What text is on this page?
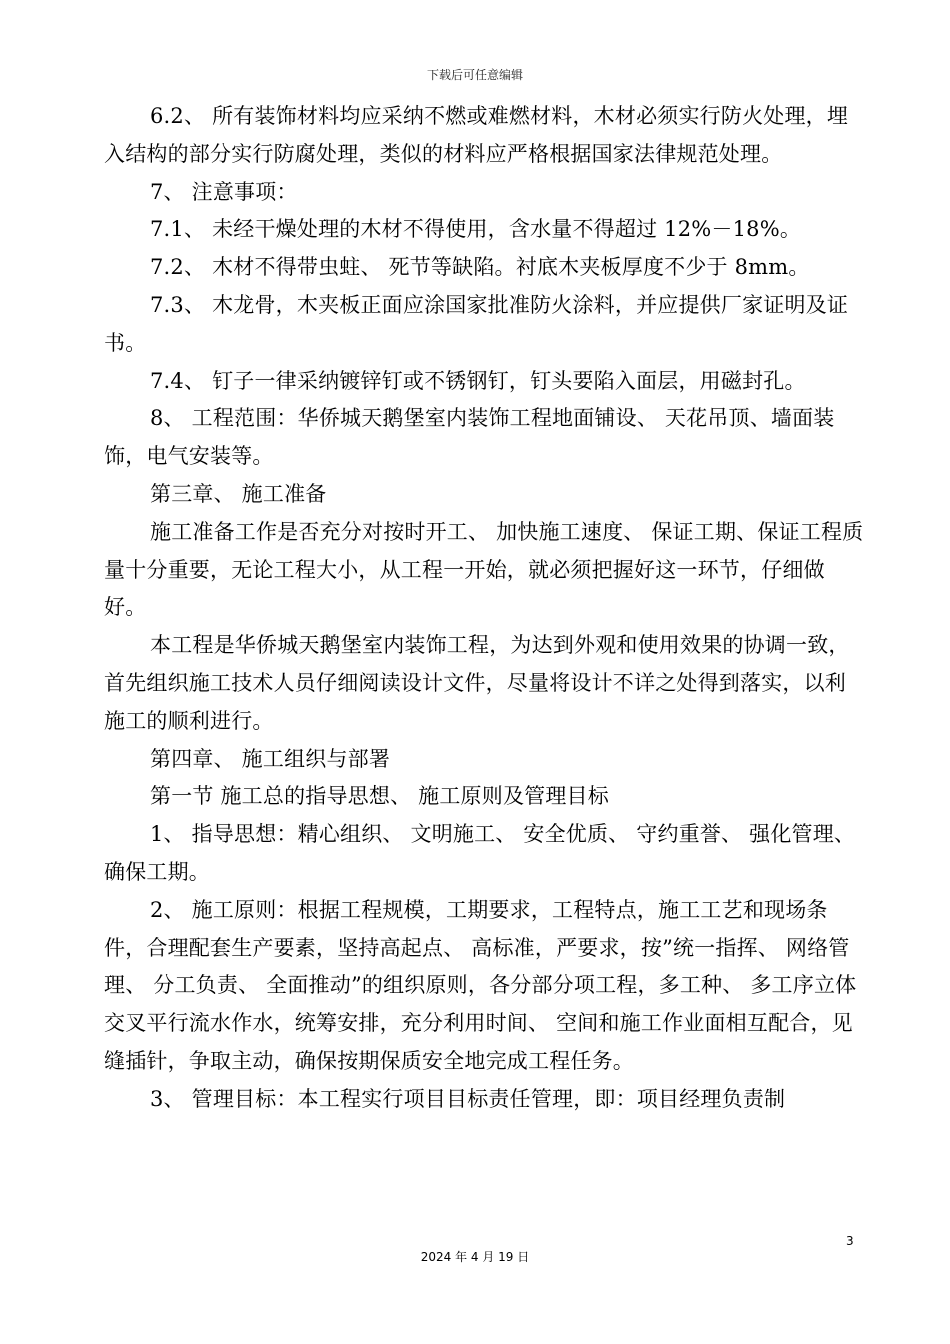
下载后可任意编辑

6.2、 所有装饰材料均应采纳不燃或难燃材料，木材必须实行防火处理，埋入结构的部分实行防腐处理，类似的材料应严格根据国家法律规范处理。

7、 注意事项：

7.1、 未经干燥处理的木材不得使用，含水量不得超过 12%－18%。

7.2、 木材不得带虫蛀、 死节等缺陷。衬底木夹板厚度不少于 8mm。

7.3、 木龙骨，木夹板正面应涂国家批准防火涂料，并应提供厂家证明及证书。

7.4、 钉子一律采纳镀锌钉或不锈钢钉，钉头要陷入面层，用磁封孔。

8、 工程范围：华侨城天鹅堡室内装饰工程地面铺设、 天花吊顶、墙面装饰，电气安装等。

第三章、 施工准备

施工准备工作是否充分对按时开工、 加快施工速度、 保证工期、保证工程质量十分重要，无论工程大小，从工程一开始，就必须把握好这一环节，仔细做好。

本工程是华侨城天鹅堡室内装饰工程，为达到外观和使用效果的协调一致，首先组织施工技术人员仔细阅读设计文件，尽量将设计不详之处得到落实，以利施工的顺利进行。

第四章、 施工组织与部署

第一节 施工总的指导思想、 施工原则及管理目标

1、 指导思想：精心组织、 文明施工、 安全优质、 守约重誉、 强化管理、 确保工期。

2、 施工原则：根据工程规模，工期要求，工程特点，施工工艺和现场条件，合理配套生产要素，坚持高起点、 高标准，严要求，按”统一指挥、 网络管理、 分工负责、 全面推动”的组织原则，各分部分项工程，多工种、 多工序立体交叉平行流水作水，统筹安排，充分利用时间、 空间和施工作业面相互配合，见缝插针，争取主动，确保按期保质安全地完成工程任务。

3、 管理目标：本工程实行项目目标责任管理，即：项目经理负责制

3
2024 年 4 月 19 日
